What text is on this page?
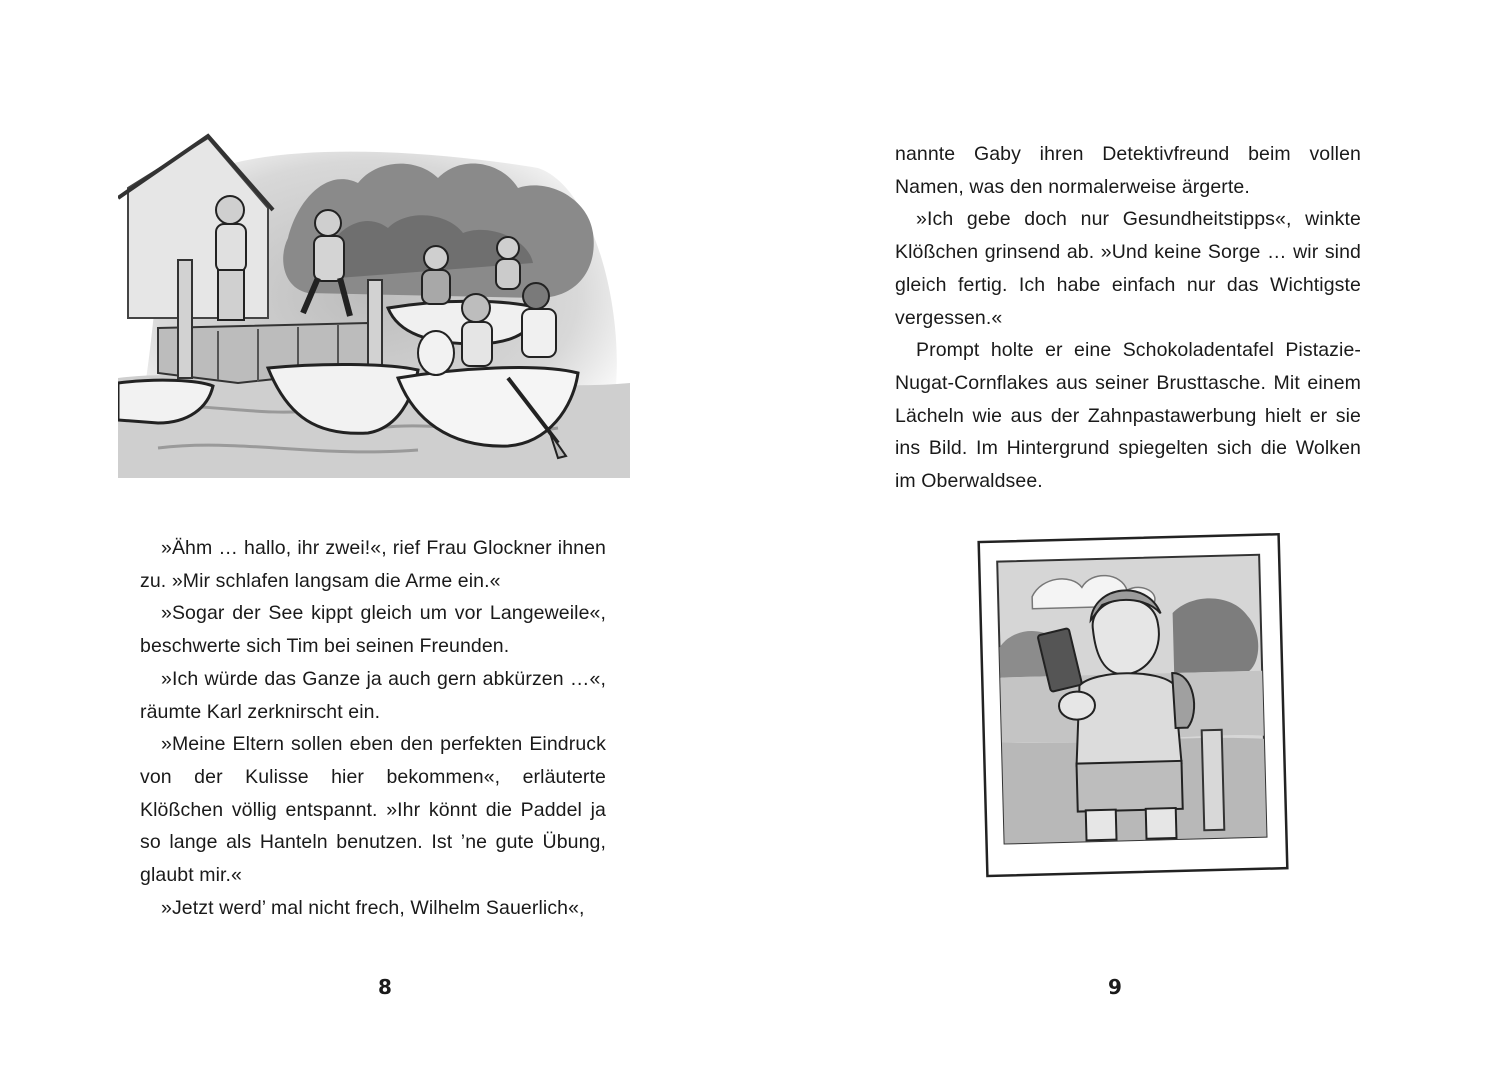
»Ähm … hallo, ihr zwei!«, rief Frau Glockner ihnen zu. »Mir schlafen langsam die Arme ein.«

»Sogar der See kippt gleich um vor Langeweile«, beschwerte sich Tim bei seinen Freunden.

»Ich würde das Ganze ja auch gern abkürzen …«, räumte Karl zerknirscht ein.

»Meine Eltern sollen eben den perfekten Eindruck von der Kulisse hier bekommen«, erläuterte Klößchen völlig entspannt. »Ihr könnt die Paddel ja so lange als Hanteln benutzen. Ist ’ne gute Übung, glaubt mir.«

»Jetzt werd’ mal nicht frech, Wilhelm Sauerlich«,

8

nannte Gaby ihren Detektivfreund beim vollen Namen, was den normalerweise ärgerte.

»Ich gebe doch nur Gesundheitstipps«, winkte Klößchen grinsend ab. »Und keine Sorge … wir sind gleich fertig. Ich habe einfach nur das Wichtigste vergessen.«

Prompt holte er eine Schokoladentafel Pistazie-Nugat-Cornflakes aus seiner Brusttasche. Mit einem Lächeln wie aus der Zahnpastawerbung hielt er sie ins Bild. Im Hintergrund spiegelten sich die Wolken im Oberwaldsee.

9
